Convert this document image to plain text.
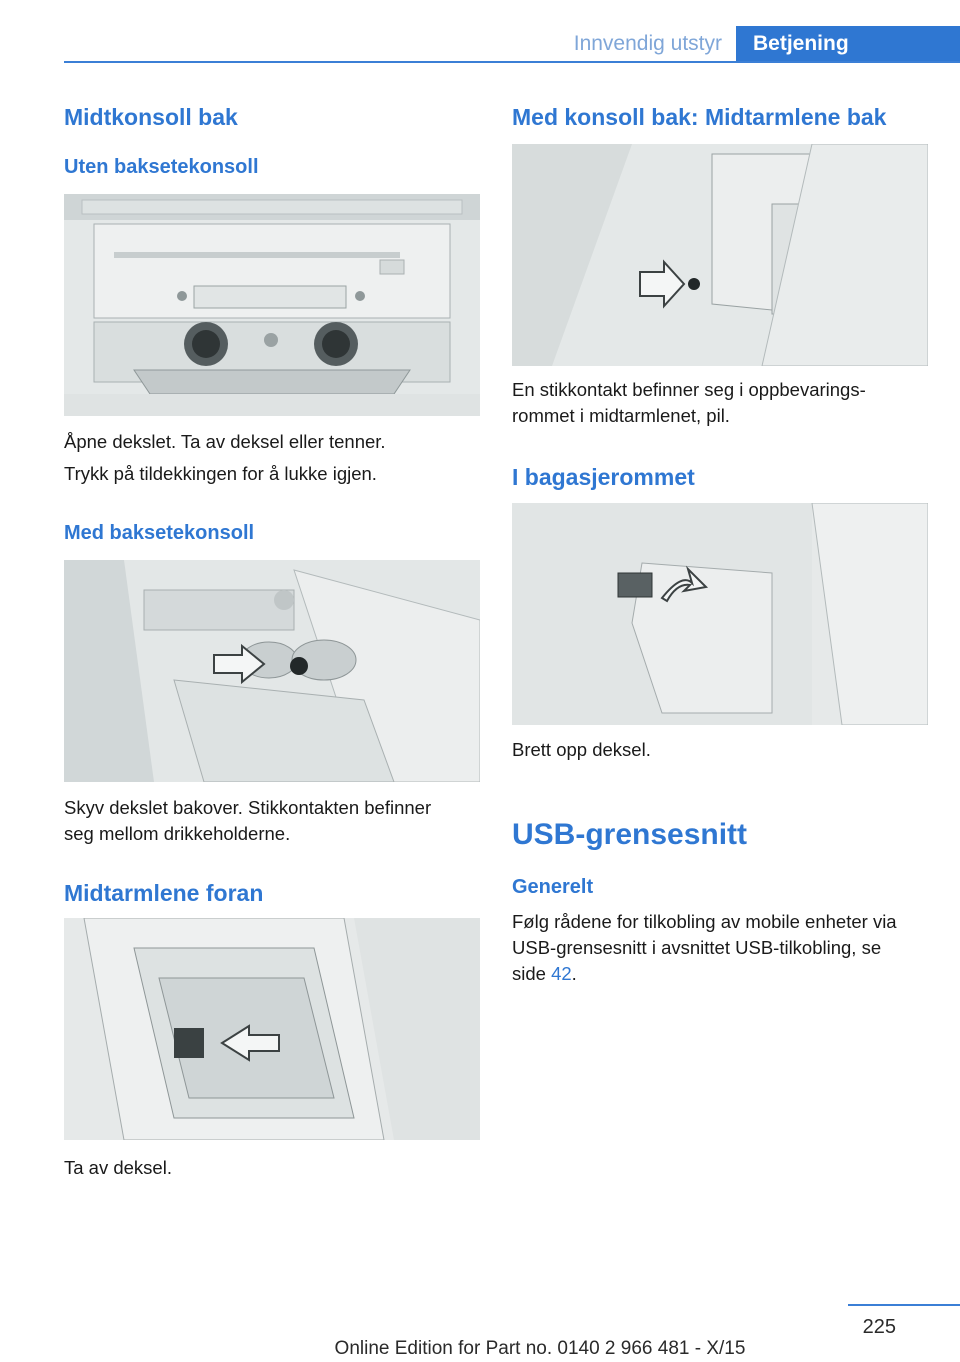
Innvendig utstyr	Betjening
Midtkonsoll bak
Uten baksetekonsoll

Åpne dekslet. Ta av deksel eller tenner.

Trykk på tildekkingen for å lukke igjen.

Med baksetekonsoll

Skyv dekslet bakover. Stikkontakten befinner

seg mellom drikkeholderne.

Midtarmlene foran

Ta av deksel.

Med konsoll bak: Midtarmlene bak

En stikkontakt befinner seg i oppbevarings-

rommet i midtarmlenet, pil.

I bagasjerommet

Brett opp deksel.

USB-grensesnitt
Generelt

Følg rådene for tilkobling av mobile enheter via

USB-grensesnitt i avsnittet USB-tilkobling, se

side 42.

225
Online Edition for Part no. 0140 2 966 481 - X/15
